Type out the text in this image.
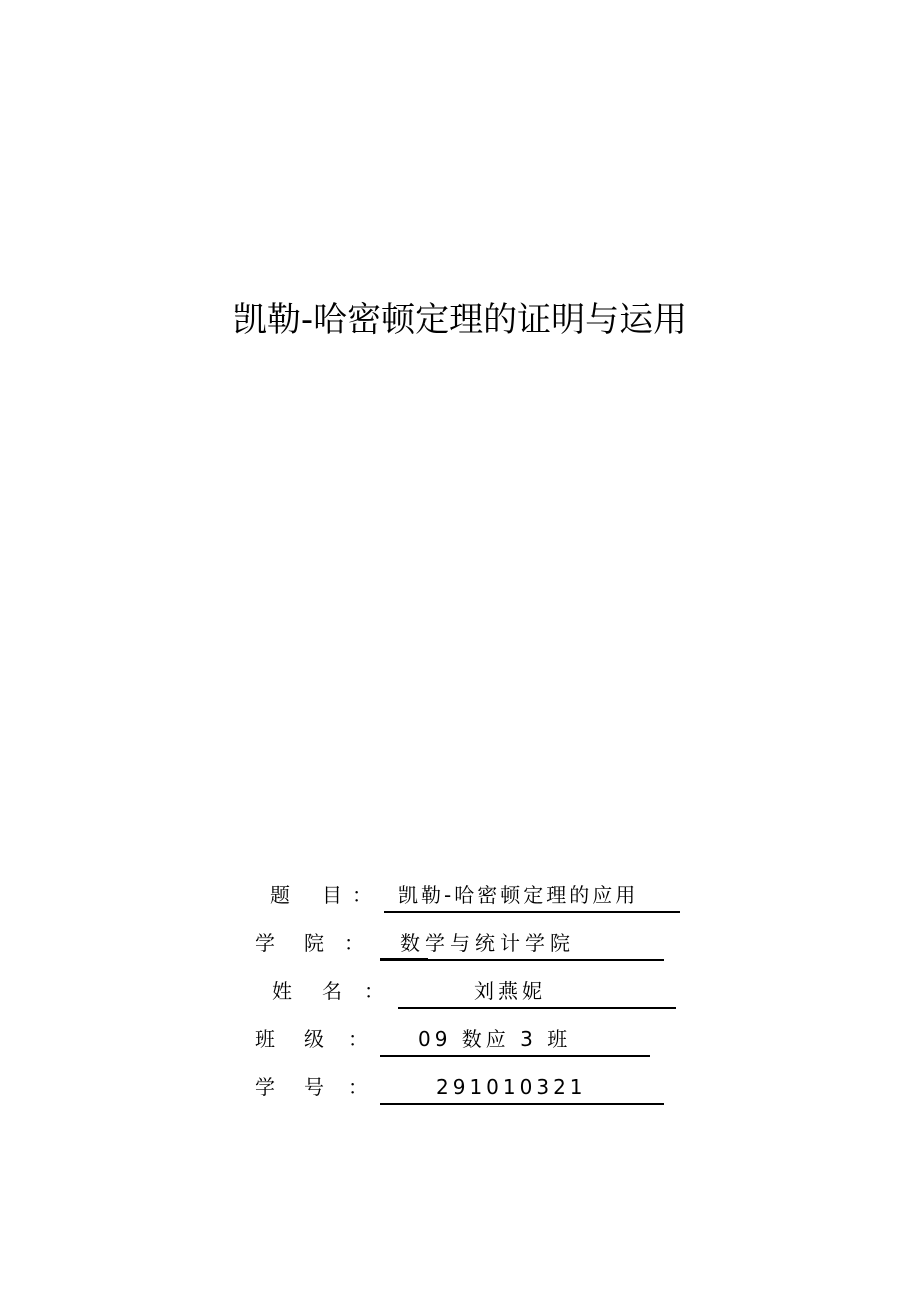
凯勒-哈密顿定理的证明与运用
题 目 ： 凯勒-哈密顿定理的应用
学 院 ： 数学与统计学院
姓 名 ：	刘燕妮
班 级 ：	09 数应 3 班
学 号 ：	291010321
